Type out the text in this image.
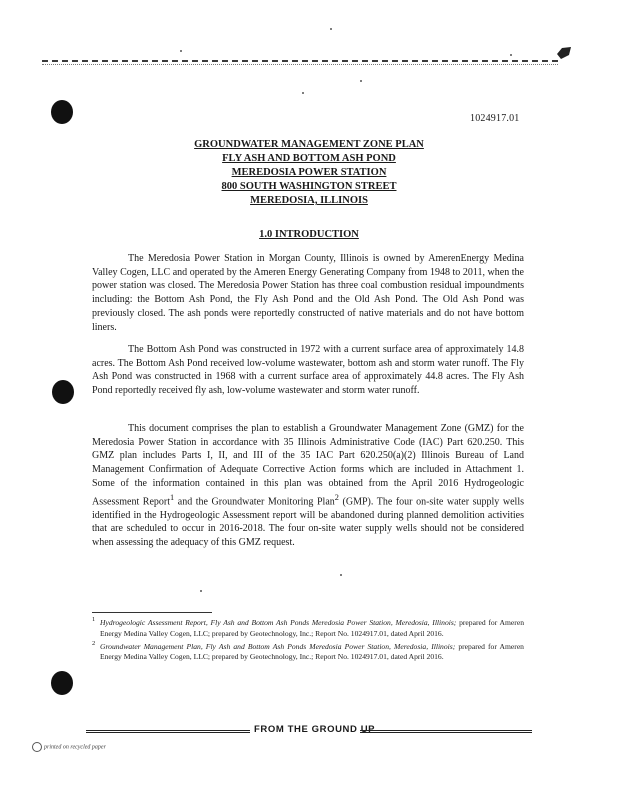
1024917.01
GROUNDWATER MANAGEMENT ZONE PLAN
FLY ASH AND BOTTOM ASH POND
MEREDOSIA POWER STATION
800 SOUTH WASHINGTON STREET
MEREDOSIA, ILLINOIS
1.0 INTRODUCTION

The Meredosia Power Station in Morgan County, Illinois is owned by AmerenEnergy Medina Valley Cogen, LLC and operated by the Ameren Energy Generating Company from 1948 to 2011, when the power station was closed. The Meredosia Power Station has three coal combustion residual impoundments including: the Bottom Ash Pond, the Fly Ash Pond and the Old Ash Pond. The Old Ash Pond was previously closed. The ash ponds were reportedly constructed of native materials and do not have bottom liners.

The Bottom Ash Pond was constructed in 1972 with a current surface area of approximately 14.8 acres. The Bottom Ash Pond received low-volume wastewater, bottom ash and storm water runoff. The Fly Ash Pond was constructed in 1968 with a current surface area of approximately 44.8 acres. The Fly Ash Pond reportedly received fly ash, low-volume wastewater and storm water runoff.

This document comprises the plan to establish a Groundwater Management Zone (GMZ) for the Meredosia Power Station in accordance with 35 Illinois Administrative Code (IAC) Part 620.250. This GMZ plan includes Parts I, II, and III of the 35 IAC Part 620.250(a)(2) Illinois Bureau of Land Management Confirmation of Adequate Corrective Action forms which are included in Attachment 1. Some of the information contained in this plan was obtained from the April 2016 Hydrogeologic Assessment Report$^1$ and the Groundwater Monitoring Plan$^2$ (GMP). The four on-site water supply wells identified in the Hydrogeologic Assessment report will be abandoned during planned demolition activities that are scheduled to occur in 2016-2018. The four on-site water supply wells should not be considered when assessing the adequacy of this GMZ request.

1 Hydrogeologic Assessment Report, Fly Ash and Bottom Ash Ponds Meredosia Power Station, Meredosia, Illinois; prepared for Ameren Energy Medina Valley Cogen, LLC; prepared by Geotechnology, Inc.; Report No. 1024917.01, dated April 2016.
2 Groundwater Management Plan, Fly Ash and Bottom Ash Ponds Meredosia Power Station, Meredosia, Illinois; prepared for Ameren Energy Medina Valley Cogen, LLC; prepared by Geotechnology, Inc.; Report No. 1024917.01, dated April 2016.
FROM THE GROUND UP
printed on recycled paper
